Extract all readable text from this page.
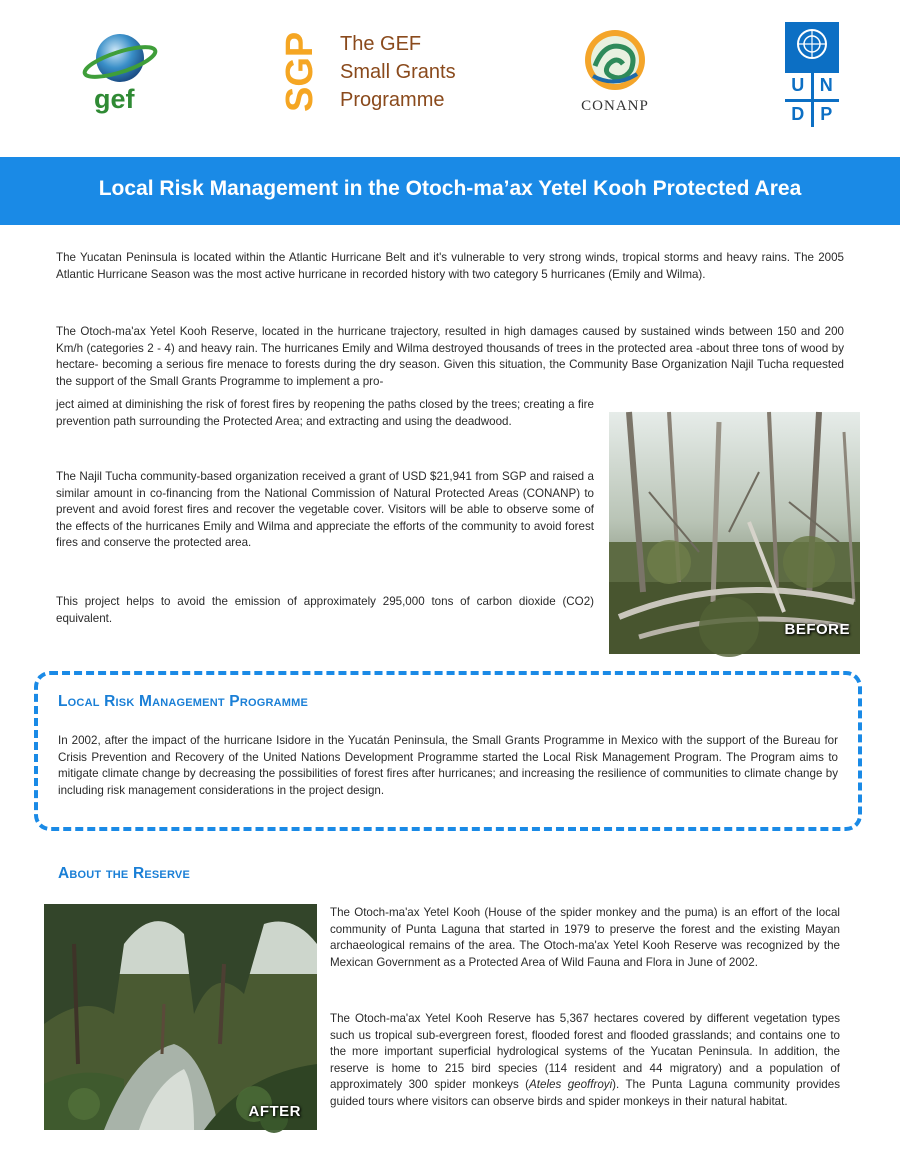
gef	SGP The GEF
Small Grants
Programme	CONANP
U N
D P
Local Risk Management in the Otoch-ma’ax Yetel Kooh Protected Area

The Yucatan Peninsula is located within the Atlantic Hurricane Belt and it's vulnerable to very strong winds, tropical storms and heavy rains. The 2005 Atlantic Hurricane Season was the most active hurricane in recorded history with two category 5 hurricanes (Emily and Wilma).

The Otoch-ma'ax Yetel Kooh Reserve, located in the hurricane trajectory, resulted in high damages caused by sustained winds between 150 and 200 Km/h (categories 2 - 4) and heavy rain. The hurricanes Emily and Wilma destroyed thousands of trees in the protected area -about three tons of wood by hectare- becoming a serious fire menace to forests during the dry season. Given this situation, the Community Base Organization Najil Tucha requested the support of the Small Grants Programme to implement a pro-

ject aimed at diminishing the risk of forest fires by reopening the paths closed by the trees; creating a fire prevention path surrounding the Protected Area; and extracting and using the deadwood.

The Najil Tucha community-based organization received a grant of USD $21,941 from SGP and raised a similar amount in co-financing from the National Commission of Natural Protected Areas (CONANP) to prevent and avoid forest fires and recover the vegetable cover. Visitors will be able to observe some of the effects of the hurricanes Emily and Wilma and appreciate the efforts of the community to avoid forest fires and conserve the protected area.

This project helps to avoid the emission of approximately 295,000 tons of carbon dioxide (CO2) equivalent.

BEFORE
Local Risk Management Programme

In 2002, after the impact of the hurricane Isidore in the Yucatán Peninsula, the Small Grants Programme in Mexico with the support of the Bureau for Crisis Prevention and Recovery of the United Nations Development Programme started the Local Risk Management Program. The Program aims to mitigate climate change by decreasing the possibilities of forest fires after hurricanes; and increasing the resilience of communities to climate change by including risk management considerations in the project design.

About the Reserve
AFTER

The Otoch-ma'ax Yetel Kooh (House of the spider monkey and the puma) is an effort of the local community of Punta Laguna that started in 1979 to preserve the forest and the existing Mayan archaeological remains of the area. The Otoch-ma'ax Yetel Kooh Reserve was recognized by the Mexican Government as a Protected Area of Wild Fauna and Flora in June of 2002.

The Otoch-ma'ax Yetel Kooh Reserve has 5,367 hectares covered by different vegetation types such us tropical sub-evergreen forest, flooded forest and flooded grasslands; and contains one to the more important superficial hydrological systems of the Yucatan Peninsula. In addition, the reserve is home to 215 bird species (114 resident and 44 migratory) and a population of approximately 300 spider monkeys (Ateles geoffroyi). The Punta Laguna community provides guided tours where visitors can observe birds and spider monkeys in their natural habitat.
